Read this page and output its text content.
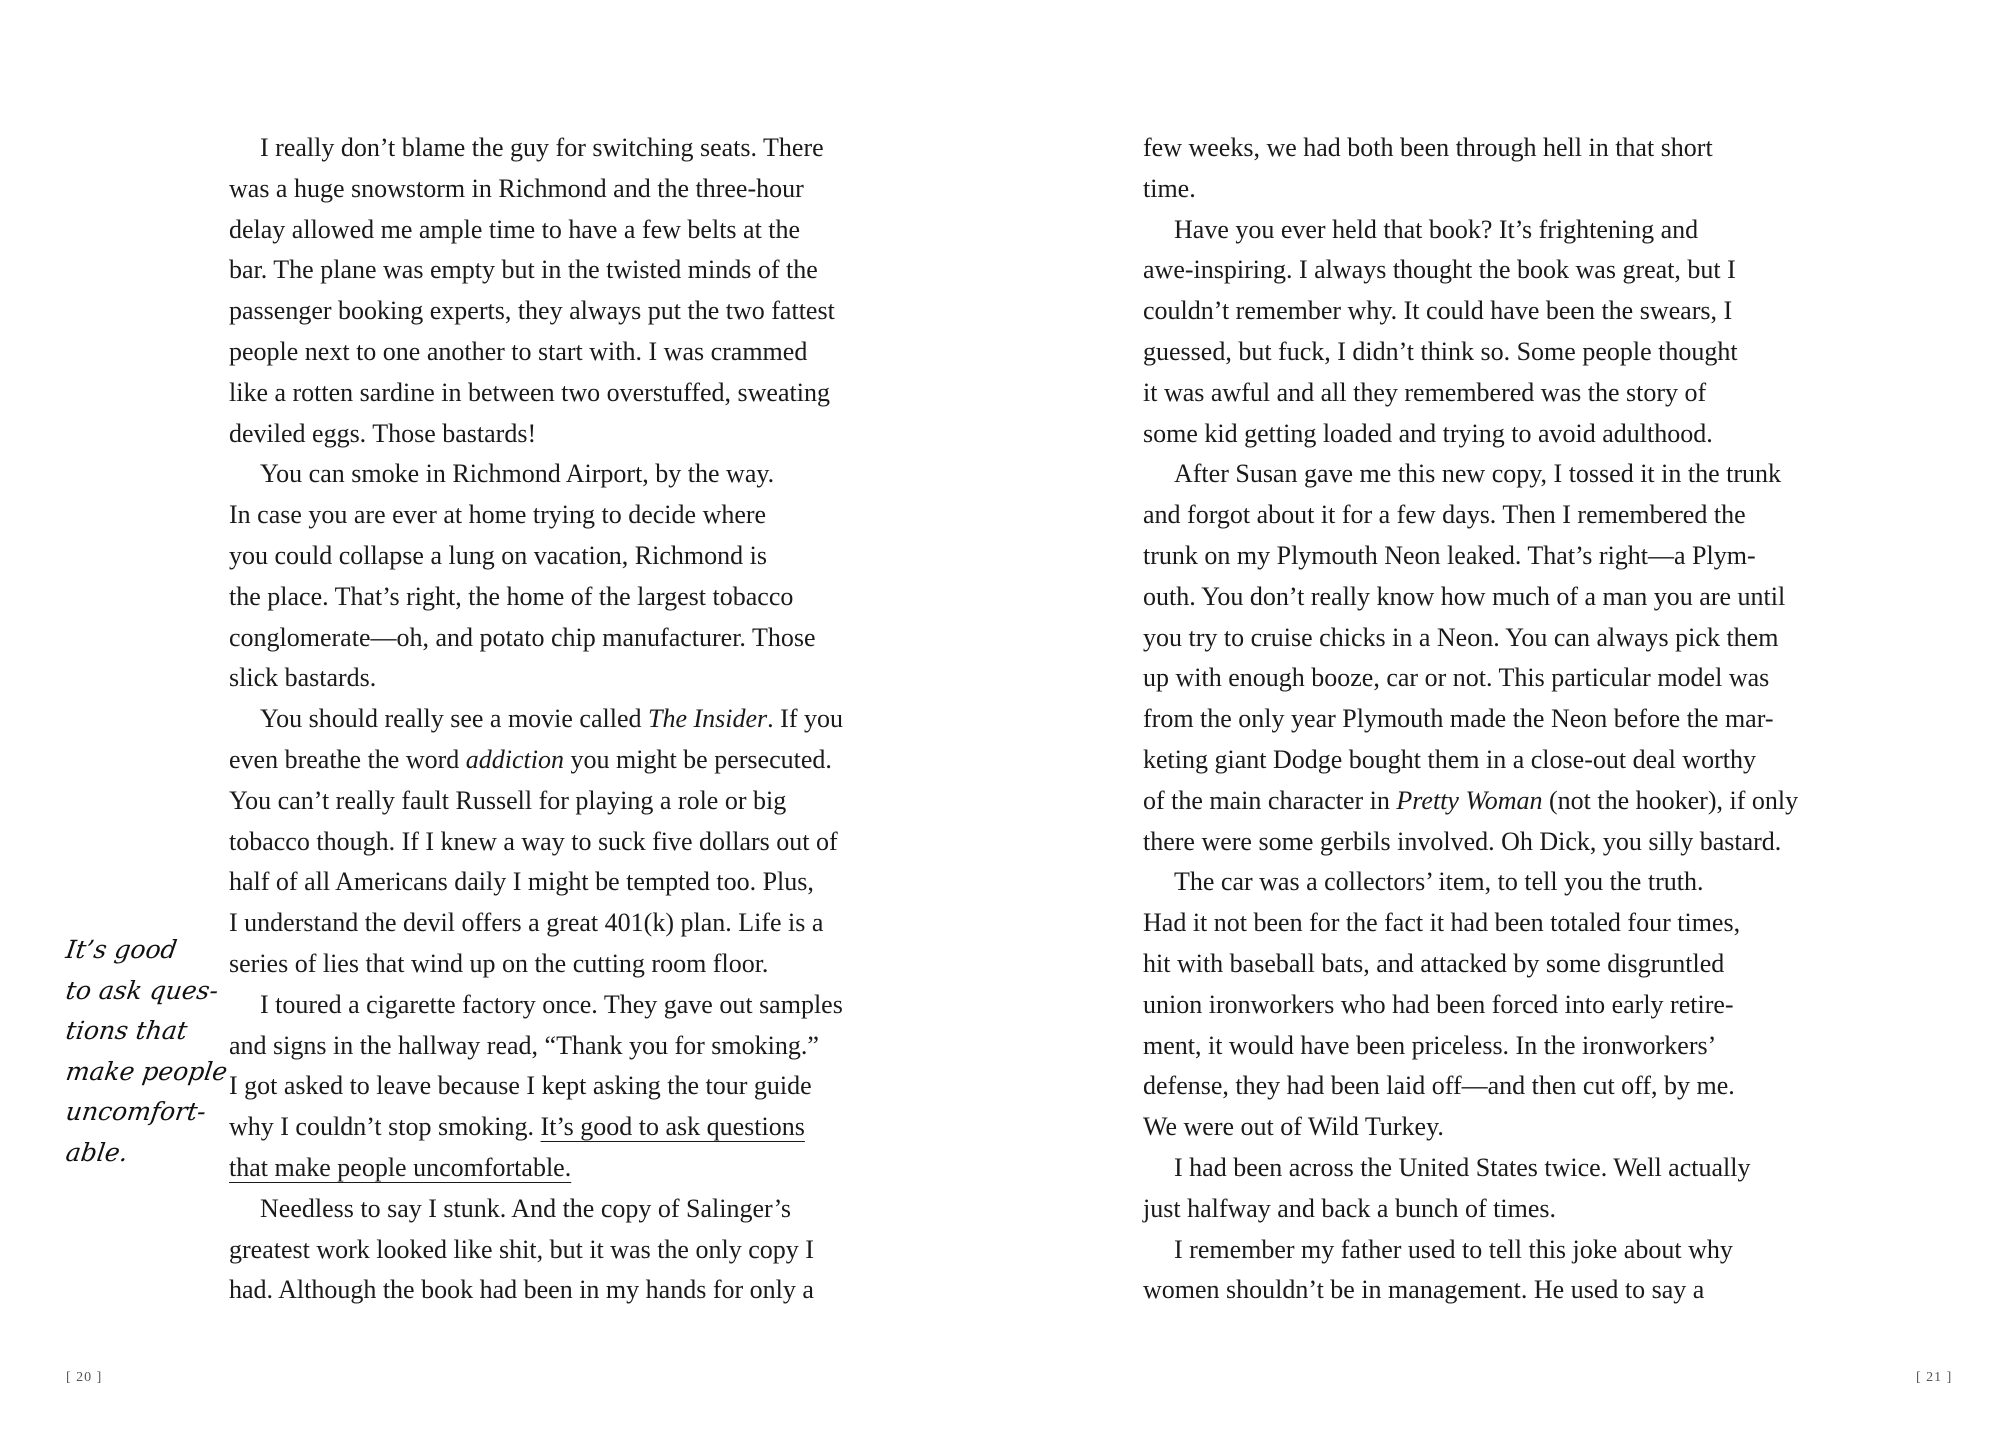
I really don’t blame the guy for switching seats. There
was a huge snowstorm in Richmond and the three-hour
delay allowed me ample time to have a few belts at the
bar. The plane was empty but in the twisted minds of the
passenger booking experts, they always put the two fattest
people next to one another to start with. I was crammed
like a rotten sardine in between two overstuffed, sweating
deviled eggs. Those bastards!
You can smoke in Richmond Airport, by the way.
In case you are ever at home trying to decide where
you could collapse a lung on vacation, Richmond is
the place. That’s right, the home of the largest tobacco
conglomerate—oh, and potato chip manufacturer. Those
slick bastards.
You should really see a movie called The Insider. If you
even breathe the word addiction you might be persecuted.
You can’t really fault Russell for playing a role or big
tobacco though. If I knew a way to suck five dollars out of
half of all Americans daily I might be tempted too. Plus,
I understand the devil offers a great 401(k) plan. Life is a
series of lies that wind up on the cutting room floor.
I toured a cigarette factory once. They gave out samples
and signs in the hallway read, “Thank you for smoking.”
I got asked to leave because I kept asking the tour guide
why I couldn’t stop smoking. It’s good to ask questions
that make people uncomfortable.
Needless to say I stunk. And the copy of Salinger’s
greatest work looked like shit, but it was the only copy I
had. Although the book had been in my hands for only a
It’s good
to ask ques-
tions that
make people
uncomfort-
able.
[ 20 ]
few weeks, we had both been through hell in that short
time.
Have you ever held that book? It’s frightening and
awe-inspiring. I always thought the book was great, but I
couldn’t remember why. It could have been the swears, I
guessed, but fuck, I didn’t think so. Some people thought
it was awful and all they remembered was the story of
some kid getting loaded and trying to avoid adulthood.
After Susan gave me this new copy, I tossed it in the trunk
and forgot about it for a few days. Then I remembered the
trunk on my Plymouth Neon leaked. That’s right—a Plym-
outh. You don’t really know how much of a man you are until
you try to cruise chicks in a Neon. You can always pick them
up with enough booze, car or not. This particular model was
from the only year Plymouth made the Neon before the mar-
keting giant Dodge bought them in a close-out deal worthy
of the main character in Pretty Woman (not the hooker), if only
there were some gerbils involved. Oh Dick, you silly bastard.
The car was a collectors’ item, to tell you the truth.
Had it not been for the fact it had been totaled four times,
hit with baseball bats, and attacked by some disgruntled
union ironworkers who had been forced into early retire-
ment, it would have been priceless. In the ironworkers’
defense, they had been laid off—and then cut off, by me.
We were out of Wild Turkey.
I had been across the United States twice. Well actually
just halfway and back a bunch of times.
I remember my father used to tell this joke about why
women shouldn’t be in management. He used to say a
[ 21 ]
